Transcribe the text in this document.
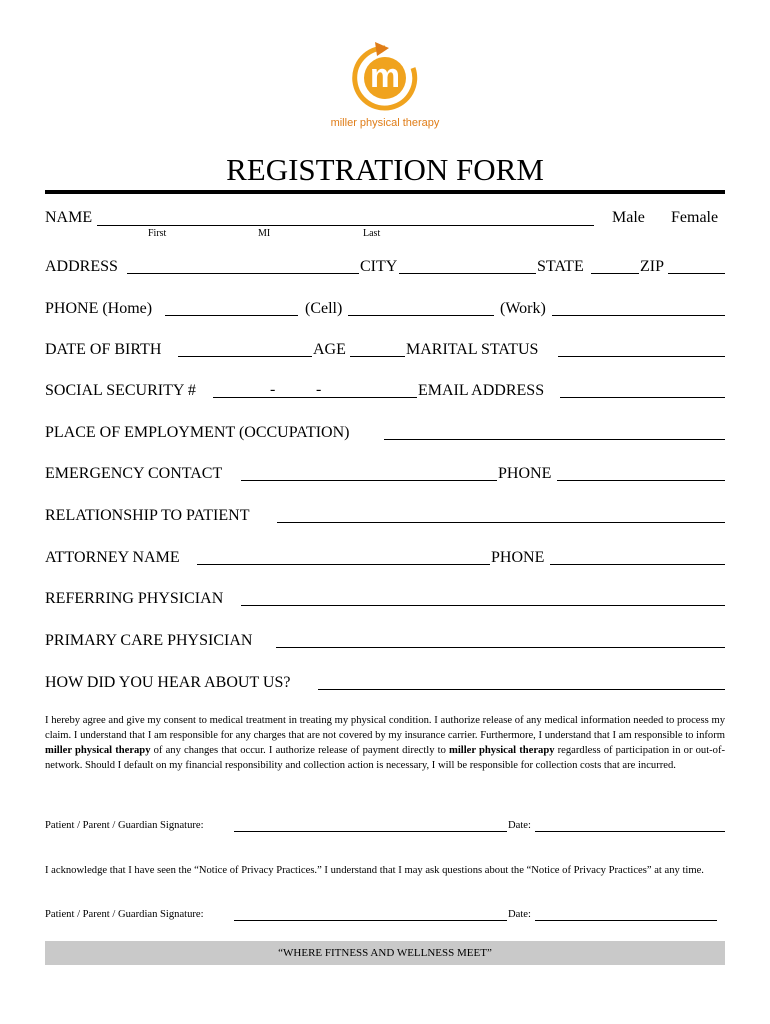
m
miller physical therapy
REGISTRATION FORM
NAME	Male Female
First	MI	Last
ADDRESS	CITY	STATE	ZIP
PHONE (Home)	(Cell)	(Work)
DATE OF BIRTH	AGE	MARITAL STATUS
SOCIAL SECURITY #	-	-	EMAIL ADDRESS
PLACE OF EMPLOYMENT (OCCUPATION)
EMERGENCY CONTACT	PHONE
RELATIONSHIP TO PATIENT
ATTORNEY NAME	PHONE
REFERRING PHYSICIAN
PRIMARY CARE PHYSICIAN
HOW DID YOU HEAR ABOUT US?

I hereby agree and give my consent to medical treatment in treating my physical condition. I authorize release of any medical information needed to process my claim. I understand that I am responsible for any charges that are not covered by my insurance carrier. Furthermore, I understand that I am responsible to inform miller physical therapy of any changes that occur. I authorize release of payment directly to miller physical therapy regardless of participation in or out-of-network. Should I default on my financial responsibility and collection action is necessary, I will be responsible for collection costs that are incurred.

Patient / Parent / Guardian Signature:	Date:
I acknowledge that I have seen the “Notice of Privacy Practices.” I understand that I may ask questions about the “Notice of Privacy Practices” at any time.
Patient / Parent / Guardian Signature:	Date:
“WHERE FITNESS AND WELLNESS MEET”
